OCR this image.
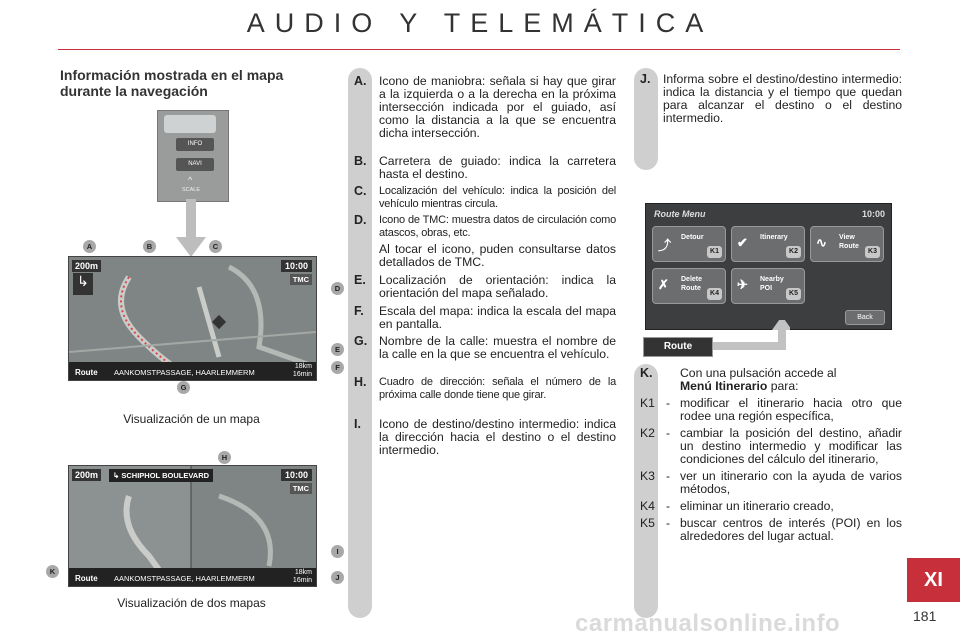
AUDIO Y TELEMÁTICA
Información mostrada en el mapa durante la navegación
INFO
NAVI
^
SCALE
200m
↳
10:00
TMC
Route AANKOMSTPASSAGE, HAARLEMMERM
18km
16min
A	B	C
D
E
F
G
Visualización de un mapa
200m	↳ SCHIPHOL BOULEVARD	10:00
TMC
Route AANKOMSTPASSAGE, HAARLEMMERM
18km
16min
H
I
J
K
Visualización de dos mapas
A. Icono de maniobra: señala si hay que girar a la izquierda o a la derecha en la próxima intersección indicada por el guiado, así como la distancia a la que se encuentra dicha intersección.
B. Carretera de guiado: indica la carretera hasta el destino.
C. Localización del vehículo: indica la posición del vehículo mientras circula.
D. Icono de TMC: muestra datos de circulación como atascos, obras, etc.
Al tocar el icono, puden consultarse datos detallados de TMC.
E. Localización de orientación: indica la orientación del mapa señalado.
F. Escala del mapa: indica la escala del mapa en pantalla.
G. Nombre de la calle: muestra el nombre de la calle en la que se encuentra el vehículo.
H. Cuadro de dirección: señala el número de la próxima calle donde tiene que girar.
I. Icono de destino/destino intermedio: indica la dirección hacia el destino o el destino intermedio.
J. Informa sobre el destino/destino intermedio: indica la distancia y el tiempo que quedan para alcanzar el destino o el destino intermedio.
Route Menu	10:00
⤴
Detour
K1
✔ Itinerary
K2
∿ View Route
K3
✗ Delete Route
K4
✈ Nearby POI
K5
Back
Route
K. Con una pulsación accede al
Menú Itinerario para:
K1 - modificar el itinerario hacia otro que rodee una región específica,
K2 - cambiar la posición del destino, añadir un destino intermedio y modificar las condiciones del cálculo del itinerario,
K3 - ver un itinerario con la ayuda de varios métodos,
K4 - eliminar un itinerario creado,
K5 - buscar centros de interés (POI) en los alrededores del lugar actual.
XI
181
carmanualsonline.info
